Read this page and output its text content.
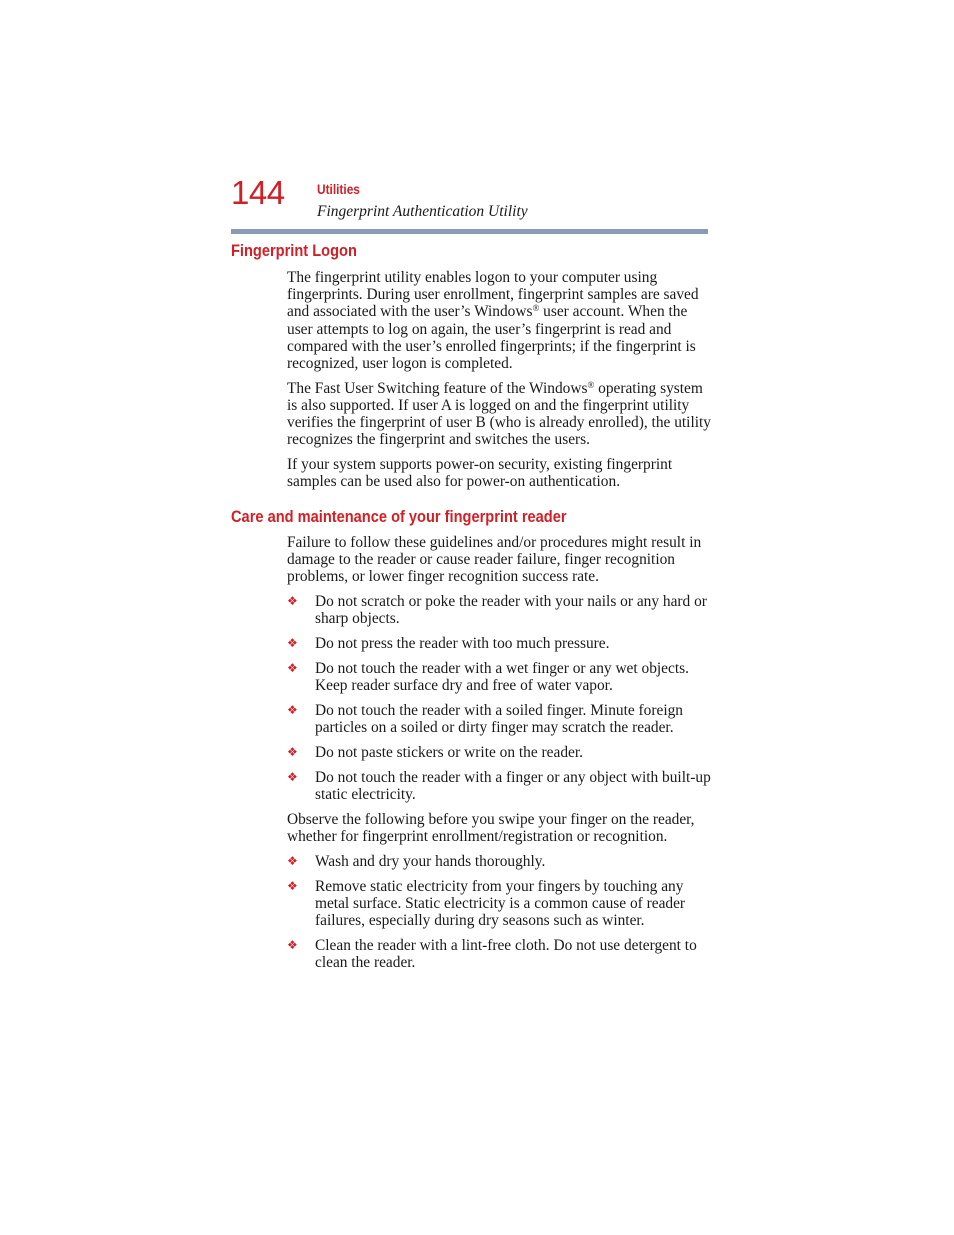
144 Utilities
Fingerprint Authentication Utility
Fingerprint Logon

The fingerprint utility enables logon to your computer using fingerprints. During user enrollment, fingerprint samples are saved and associated with the user’s Windows® user account. When the user attempts to log on again, the user’s fingerprint is read and compared with the user’s enrolled fingerprints; if the fingerprint is recognized, user logon is completed.

The Fast User Switching feature of the Windows® operating system is also supported. If user A is logged on and the fingerprint utility verifies the fingerprint of user B (who is already enrolled), the utility recognizes the fingerprint and switches the users.

If your system supports power-on security, existing fingerprint samples can be used also for power-on authentication.

Care and maintenance of your fingerprint reader

Failure to follow these guidelines and/or procedures might result in damage to the reader or cause reader failure, finger recognition problems, or lower finger recognition success rate.

❖ Do not scratch or poke the reader with your nails or any hard or sharp objects.
❖ Do not press the reader with too much pressure.
❖ Do not touch the reader with a wet finger or any wet objects. Keep reader surface dry and free of water vapor.
❖ Do not touch the reader with a soiled finger. Minute foreign particles on a soiled or dirty finger may scratch the reader.
❖ Do not paste stickers or write on the reader.
❖ Do not touch the reader with a finger or any object with built-up static electricity.

Observe the following before you swipe your finger on the reader, whether for fingerprint enrollment/registration or recognition.

❖ Wash and dry your hands thoroughly.
❖ Remove static electricity from your fingers by touching any metal surface. Static electricity is a common cause of reader failures, especially during dry seasons such as winter.
❖ Clean the reader with a lint-free cloth. Do not use detergent to clean the reader.
